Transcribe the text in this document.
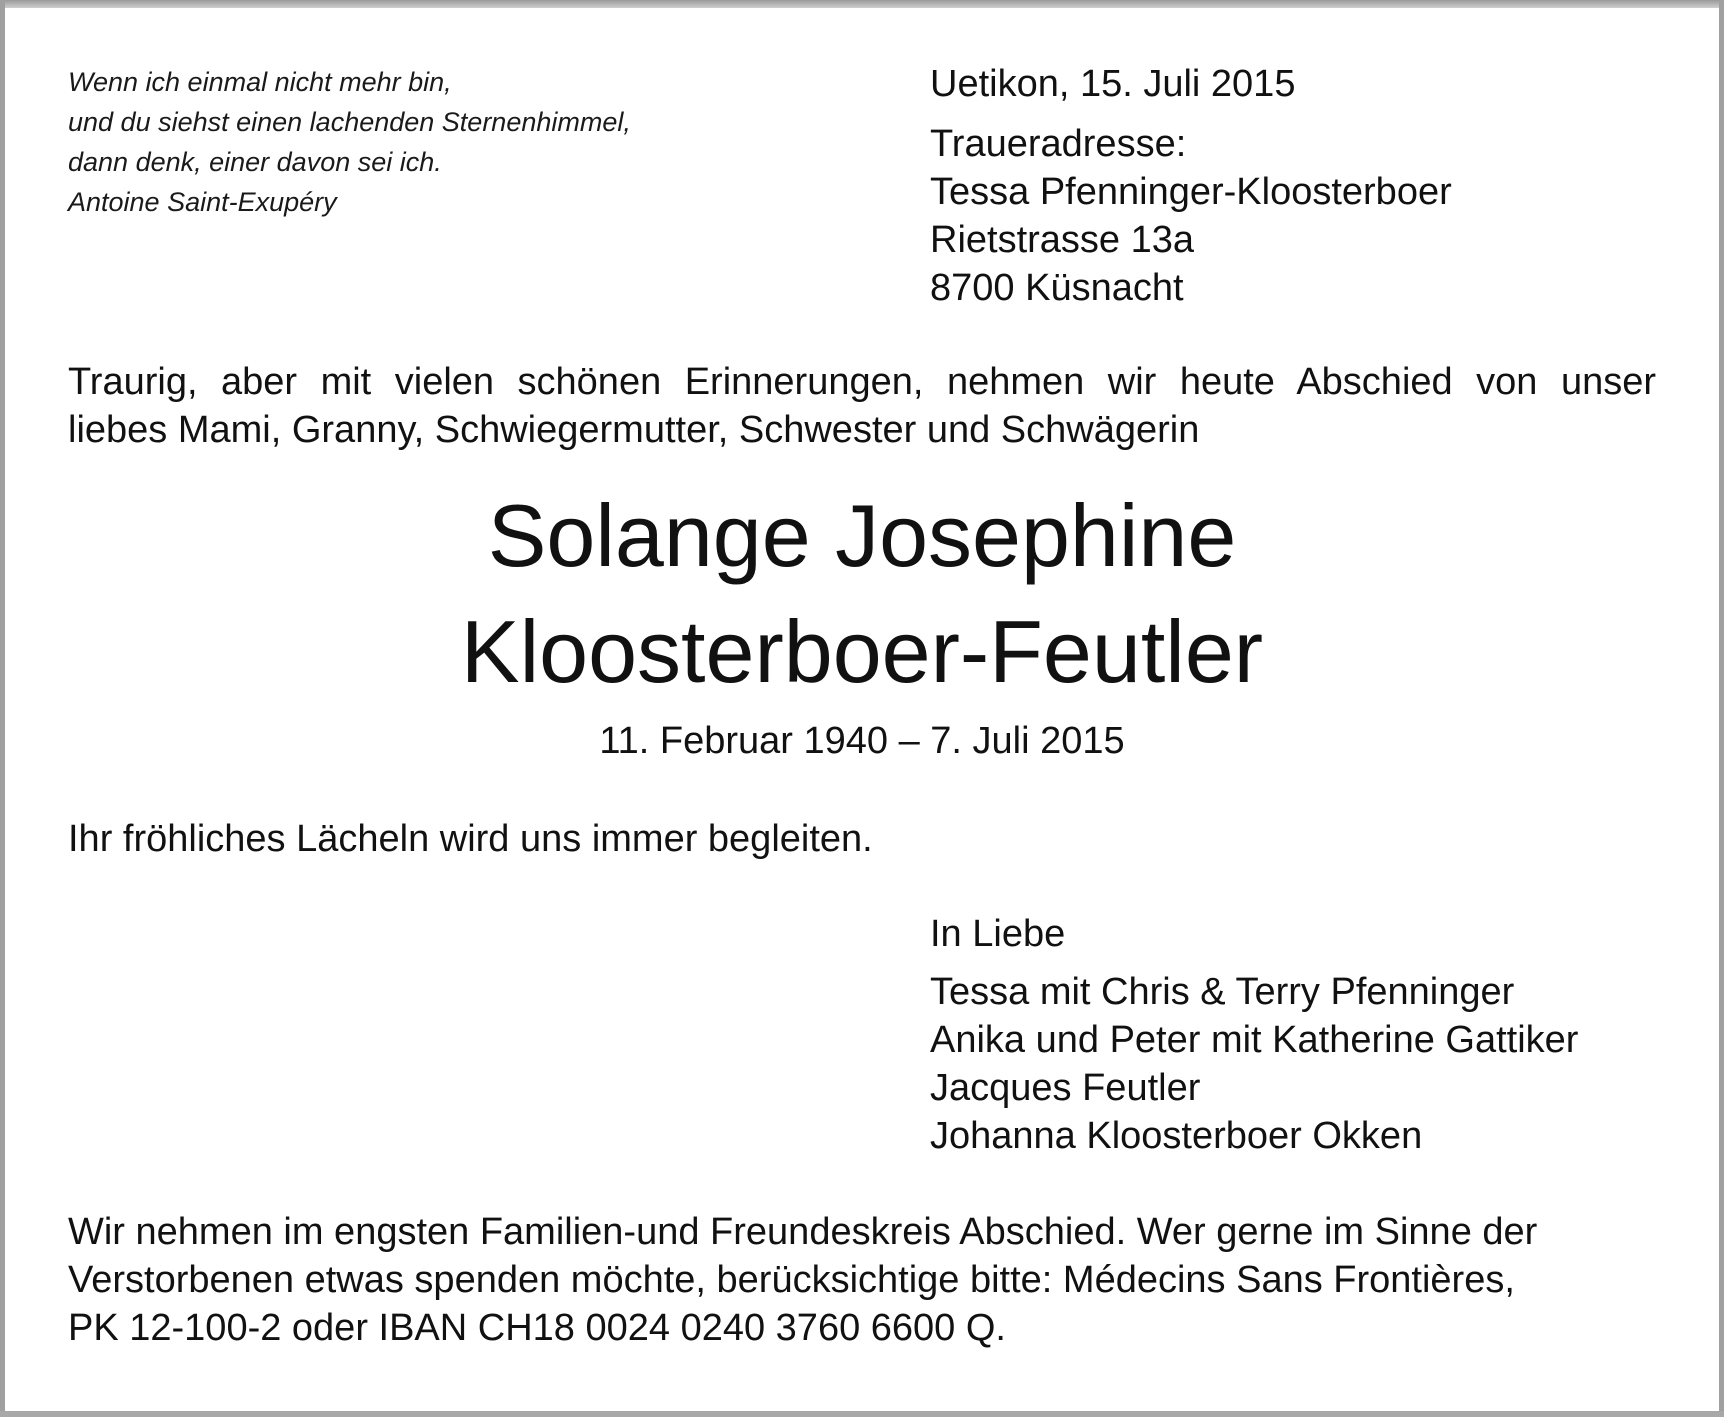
Wenn ich einmal nicht mehr bin,
und du siehst einen lachenden Sternenhimmel,
dann denk, einer davon sei ich.
Antoine Saint-Exupéry
Uetikon, 15. Juli 2015
Traueradresse:
Tessa Pfenninger-Kloosterboer
Rietstrasse 13a
8700 Küsnacht
Traurig, aber mit vielen schönen Erinnerungen, nehmen wir heute Abschied von unser
liebes Mami, Granny, Schwiegermutter, Schwester und Schwägerin
Solange Josephine
Kloosterboer-Feutler
11. Februar 1940 – 7. Juli 2015
Ihr fröhliches Lächeln wird uns immer begleiten.
In Liebe
Tessa mit Chris & Terry Pfenninger
Anika und Peter mit Katherine Gattiker
Jacques Feutler
Johanna Kloosterboer Okken
Wir nehmen im engsten Familien-und Freundeskreis Abschied. Wer gerne im Sinne der
Verstorbenen etwas spenden möchte, berücksichtige bitte: Médecins Sans Frontières,
PK 12-100-2 oder IBAN CH18 0024 0240 3760 6600 Q.
